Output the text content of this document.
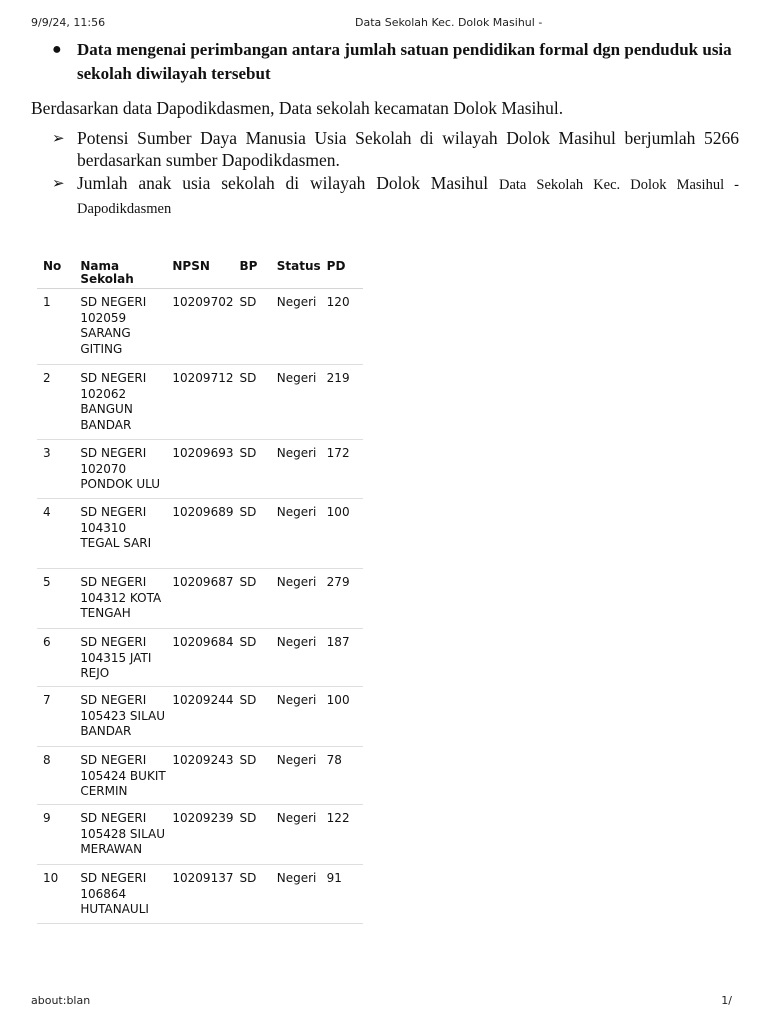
9/9/24, 11:56	Data Sekolah Kec. Dolok Masihul -
● Data mengenai perimbangan antara jumlah satuan pendidikan formal dgn penduduk usia sekolah diwilayah tersebut
Berdasarkan data Dapodikdasmen, Data sekolah kecamatan Dolok Masihul.
➢ Potensi Sumber Daya Manusia Usia Sekolah di wilayah Dolok Masihul berjumlah 5266 berdasarkan sumber Dapodikdasmen.
➢ Jumlah anak usia sekolah di wilayah Dolok Masihul Data Sekolah Kec. Dolok Masihul - Dapodikdasmen
No	Nama Sekolah	NPSN	BP	Status	PD

1	SD NEGERI 102059 SARANG GITING	10209702	SD	Negeri	120

2	SD NEGERI 102062 BANGUN BANDAR	10209712	SD	Negeri	219

3	SD NEGERI 102070 PONDOK ULU	10209693	SD	Negeri	172

4	SD NEGERI 104310 TEGAL SARI	10209689	SD	Negeri	100

5	SD NEGERI 104312 KOTA TENGAH	10209687	SD	Negeri	279

6	SD NEGERI 104315 JATI REJO	10209684	SD	Negeri	187

7	SD NEGERI 105423 SILAU BANDAR	10209244	SD	Negeri	100

8	SD NEGERI 105424 BUKIT CERMIN	10209243	SD	Negeri	78

9	SD NEGERI 105428 SILAU MERAWAN	10209239	SD	Negeri	122

10	SD NEGERI 106864 HUTANAULI	10209137	SD	Negeri	91
about:blan	1/
